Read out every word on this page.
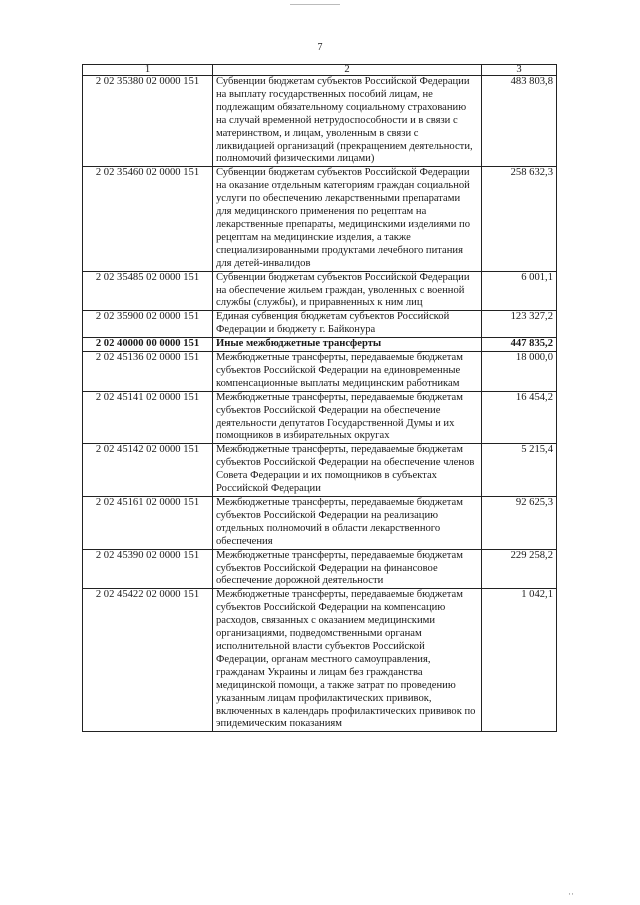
7
1	2	3
2 02 35380 02 0000 151	Субвенции бюджетам субъектов Российской Федерации на выплату государственных пособий лицам, не подлежащим обязательному социальному страхованию на случай временной нетрудоспособности и в связи с материнством, и лицам, уволенным в связи с ликвидацией организаций (прекращением деятельности, полномочий физическими лицами)	483 803,8
2 02 35460 02 0000 151	Субвенции бюджетам субъектов Российской Федерации на оказание отдельным категориям граждан социальной услуги по обеспечению лекарственными препаратами для медицинского применения по рецептам на лекарственные препараты, медицинскими изделиями по рецептам на медицинские изделия, а также специализированными продуктами лечебного питания для детей-инвалидов	258 632,3
2 02 35485 02 0000 151	Субвенции бюджетам субъектов Российской Федерации на обеспечение жильем граждан, уволенных с военной службы (службы), и приравненных к ним лиц	6 001,1
2 02 35900 02 0000 151	Единая субвенция бюджетам субъектов Российской Федерации и бюджету г. Байконура	123 327,2
2 02 40000 00 0000 151	Иные межбюджетные трансферты	447 835,2
2 02 45136 02 0000 151	Межбюджетные трансферты, передаваемые бюджетам субъектов Российской Федерации на единовременные компенсационные выплаты медицинским работникам	18 000,0
2 02 45141 02 0000 151	Межбюджетные трансферты, передаваемые бюджетам субъектов Российской Федерации на обеспечение деятельности депутатов Государственной Думы и их помощников в избирательных округах	16 454,2
2 02 45142 02 0000 151	Межбюджетные трансферты, передаваемые бюджетам субъектов Российской Федерации на обеспечение членов Совета Федерации и их помощников в субъектах Российской Федерации	5 215,4
2 02 45161 02 0000 151	Межбюджетные трансферты, передаваемые бюджетам субъектов Российской Федерации на реализацию отдельных полномочий в области лекарственного обеспечения	92 625,3
2 02 45390 02 0000 151	Межбюджетные трансферты, передаваемые бюджетам субъектов Российской Федерации на финансовое обеспечение дорожной деятельности	229 258,2
2 02 45422 02 0000 151	Межбюджетные трансферты, передаваемые бюджетам субъектов Российской Федерации на компенсацию расходов, связанных с оказанием медицинскими организациями, подведомственными органам исполнительной власти субъектов Российской Федерации, органам местного самоуправления, гражданам Украины и лицам без гражданства медицинской помощи, а также затрат по проведению указанным лицам профилактических прививок, включенных в календарь профилактических прививок по эпидемическим показаниям	1 042,1
··
